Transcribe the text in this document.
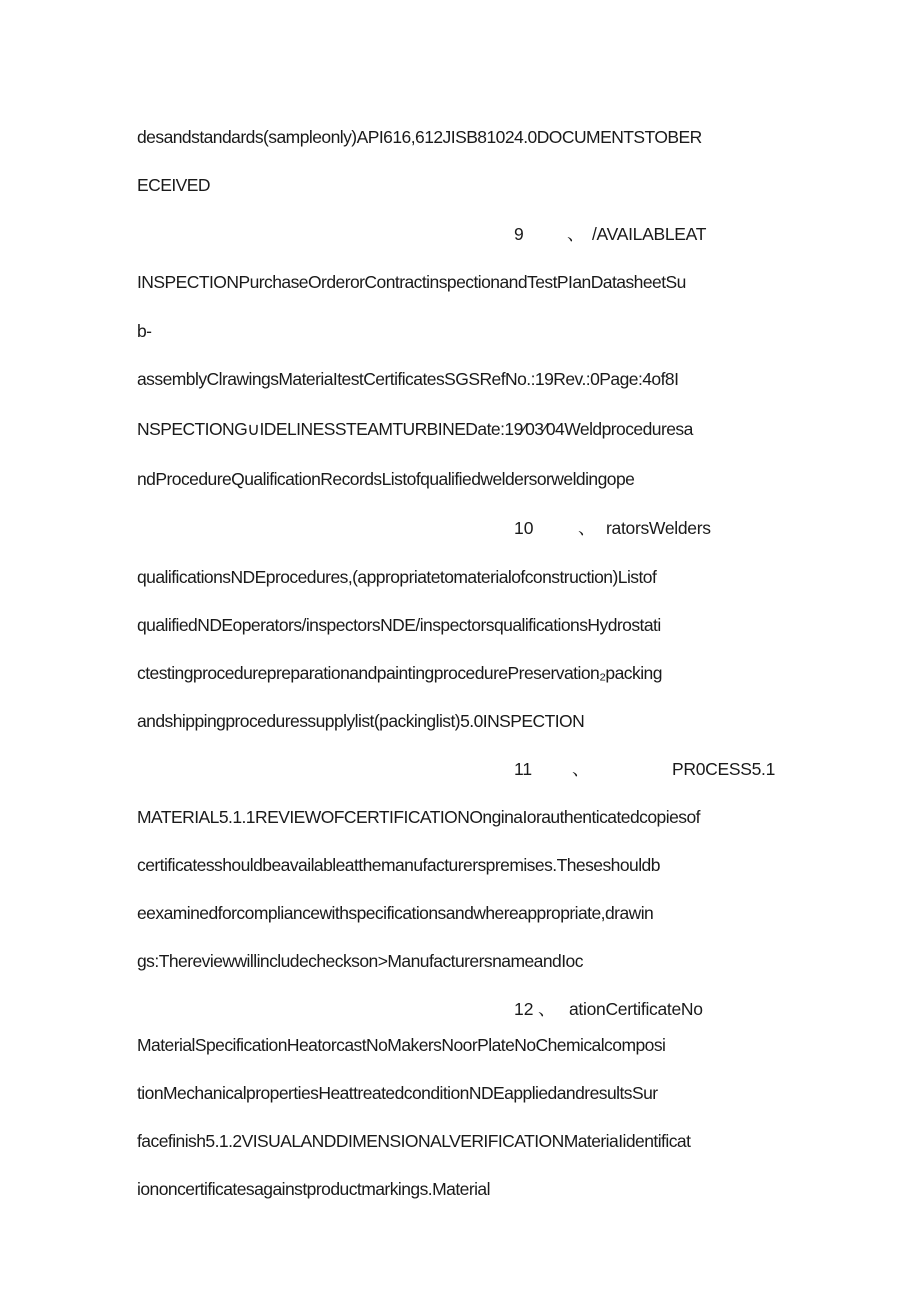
desandstandards(sampleonly)API616,612JISB81024.0DOCUMENTSTOBER
ECEIVED
9 、 /AVAILABLEAT
INSPECTIONPurchaseOrderorContractinspectionandTestPIanDatasheetSu
b-
assemblyClrawingsMateriaItestCertificatesSGSRefNo.:19Rev.:0Page:4of8I
NSPECTIONG∪IDELINESSTEAMTURBINEDate:19⁄03⁄04Weldproceduresa
ndProcedureQualificationRecordsListofqualifiedweldersorweldingope
10	、 ratorsWelders
qualificationsNDEprocedures,(appropriatetomaterialofconstruction)Listof
qualifiedNDEoperators/inspectorsNDE/inspectorsqualificationsHydrostati
ctestingprocedurepreparationandpaintingprocedurePreservation₂packing
andshippingproceduressupplylist(packinglist)5.0INSPECTION
11 、	PR0CESS5.1
MATERIAL5.1.1REVIEWOFCERTIFICATIONOnginaIorauthenticatedcopiesof
certificatesshouldbeavailableatthemanufacturerspremises.Theseshouldb
eexaminedforcompliancewithspecificationsandwhereappropriate,drawin
gs:Thereviewwillincludecheckson>ManufacturersnameandIoc
12 、 ationCertificateNo
MaterialSpecificationHeatorcastNoMakersNoorPlateNoChemicalcomposi
tionMechanicalpropertiesHeattreatedconditionNDEappliedandresultsSur
facefinish5.1.2VISUALANDDIMENSIONALVERIFICATIONMateriaIidentificat
iononcertificatesagainstproductmarkings.Material
